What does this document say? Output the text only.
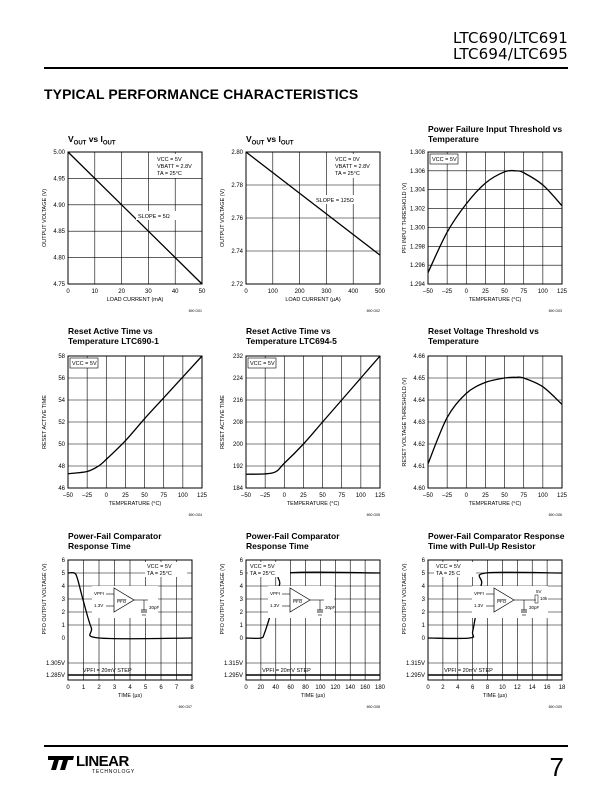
LTC690/LTC691
LTC694/LTC695
TYPICAL PERFORMANCE CHARACTERISTICS
$V_{OUT}$ vs $I_{OUT}$	$V_{OUT}$ vs $I_{OUT}$
Power Failure Input Threshold vs Temperature
Reset Active Time vs Temperature LTC690-1
Reset Active Time vs Temperature LTC694-5
Reset Voltage Threshold vs Temperature
Power-Fail Comparator Response Time
Power-Fail Comparator Response Time
Power-Fail Comparator Response Time with Pull-Up Resistor
0	10	20	30	40	50
4.75
4.80
4.85
4.90
4.95
5.00
LOAD CURRENT (mA)
OUTPUT VOLTAGE (V)
690 G01
VCC = 5V
VBATT = 2.8V
TA = 25°C
SLOPE = 5Ω
0	100	200	300	400	500
2.72
2.74
2.76
2.78
2.80
LOAD CURRENT (µA)
OUTPUT VOLTAGE (V)
690 G02
VCC = 0V
VBATT = 2.8V
TA = 25°C
SLOPE = 125Ω
–50 –25 0 25 50 75 100 125
1.294
1.296
1.298
1.300
1.302
1.304
1.306
1.308
TEMPERATURE (°C)
PFI INPUT THRESHOLD (V)
690 G03
VCC = 5V
–50 –25 0 25 50 75 100 125
46
48
50
52
54
56
58
TEMPERATURE (°C)
RESET ACTIVE TIME
690 G04
VCC = 5V
–50 –25 0 25 50 75 100 125
184
192
200
208
216
224
232
TEMPERATURE (°C)
RESET ACTIVE TIME
690 G05
VCC = 5V
–50 –25 0 25 50 75 100 125
4.60
4.61
4.62
4.63
4.64
4.65
4.66
TEMPERATURE (°C)
RESET VOLTAGE THRESHOLD (V)
690 G06
0 1 2 3 4 5 6 7 8
0
1
2
3
4
5
6
1.305V
1.285V
VPFI = 20mV STEP
TIME (µs)
PFO OUTPUT VOLTAGE (V)
690 G07
VCC = 5V
TA = 25°C
VPFI
1.3V
PFO
30pF
0 20 40 60 80 100 120 140 160 180
0
1
2
3
4
5
6
1.315V
1.295V
VPFI = 20mV STEP
TIME (µs)
PFO OUTPUT VOLTAGE (V)
690 G08
VCC = 5V
TA = 25°C
VPFI
1.3V
PFO
30pF
0 2 4 6 8 10 12 14 16 18
0
1
2
3
4
5
6
1.315V
1.295V
VPFI = 20mV STEP
TIME (µs)
PFO OUTPUT VOLTAGE (V)
690 G09
VCC = 5V
TA = 25 C
VPFI
1.3V
PFO
30pF
5V
10k
LINEAR
TECHNOLOGY	7
